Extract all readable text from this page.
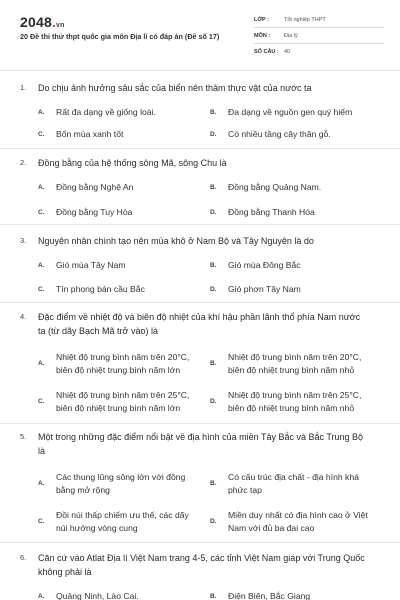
2048.vn
20 Đề thi thử thpt quốc gia môn Địa lí có đáp án (Đề số 17)
LỚP :	Tốt nghiệp THPT
MÔN :	Địa lý
SỐ CÂU : 40
1.	Do chịu ảnh hưởng sâu sắc của biển nên thảm thực vật của nước ta
A.	Rất đa dạng về giống loài.	B.	Đa dạng về nguồn gen quý hiếm
C.	Bốn mùa xanh tốt	D.	Có nhiều tầng cây thân gỗ.
2.	Đồng bằng của hệ thống sông Mã, sông Chu là
A.	Đồng bằng Nghệ An	B.	Đồng bằng Quảng Nam.
C.	Đồng bằng Tuy Hòa	D.	Đồng bằng Thanh Hóa
3.	Nguyên nhân chính tạo nên mùa khô ở Nam Bộ và Tây Nguyên là do
A.	Gió mùa Tây Nam	B.	Gió mùa Đông Bắc
C.	Tín phong bán cầu Bắc	D.	Gió phơn Tây Nam
4.	Đặc điểm về nhiệt độ và biên độ nhiệt của khí hậu phần lãnh thổ phía Nam nước
ta (từ dãy Bạch Mã trở vào) là
A.
Nhiệt độ trung bình năm trên 20°C,
biên độ nhiệt trung bình năm lớn
B.
Nhiệt độ trung bình năm trên 20°C,
biên độ nhiệt trung bình năm nhỏ
C.
Nhiệt độ trung bình năm trên 25°C,
biên độ nhiệt trung bình năm lớn
D.
Nhiệt độ trung bình năm trên 25°C,
biên độ nhiệt trung bình năm nhỏ
5.	Một trong những đặc điểm nổi bật về địa hình của miền Tây Bắc và Bắc Trung Bộ
là
A.
Các thung lũng sông lớn với đồng
bằng mở rộng
B.
Có cấu trúc địa chất - địa hình khá
phức tạp
C.
Đồi núi thấp chiếm ưu thế, các dãy
núi hướng vòng cung
D.
Miền duy nhất có địa hình cao ở Việt
Nam với đủ ba đai cao
6.	Căn cứ vào Atlat Địa lí Việt Nam trang 4-5, các tỉnh Việt Nam giáp với Trung Quốc
không phải là
A.	Quảng Ninh, Lào Cai.	B.	Điện Biên, Bắc Giang
